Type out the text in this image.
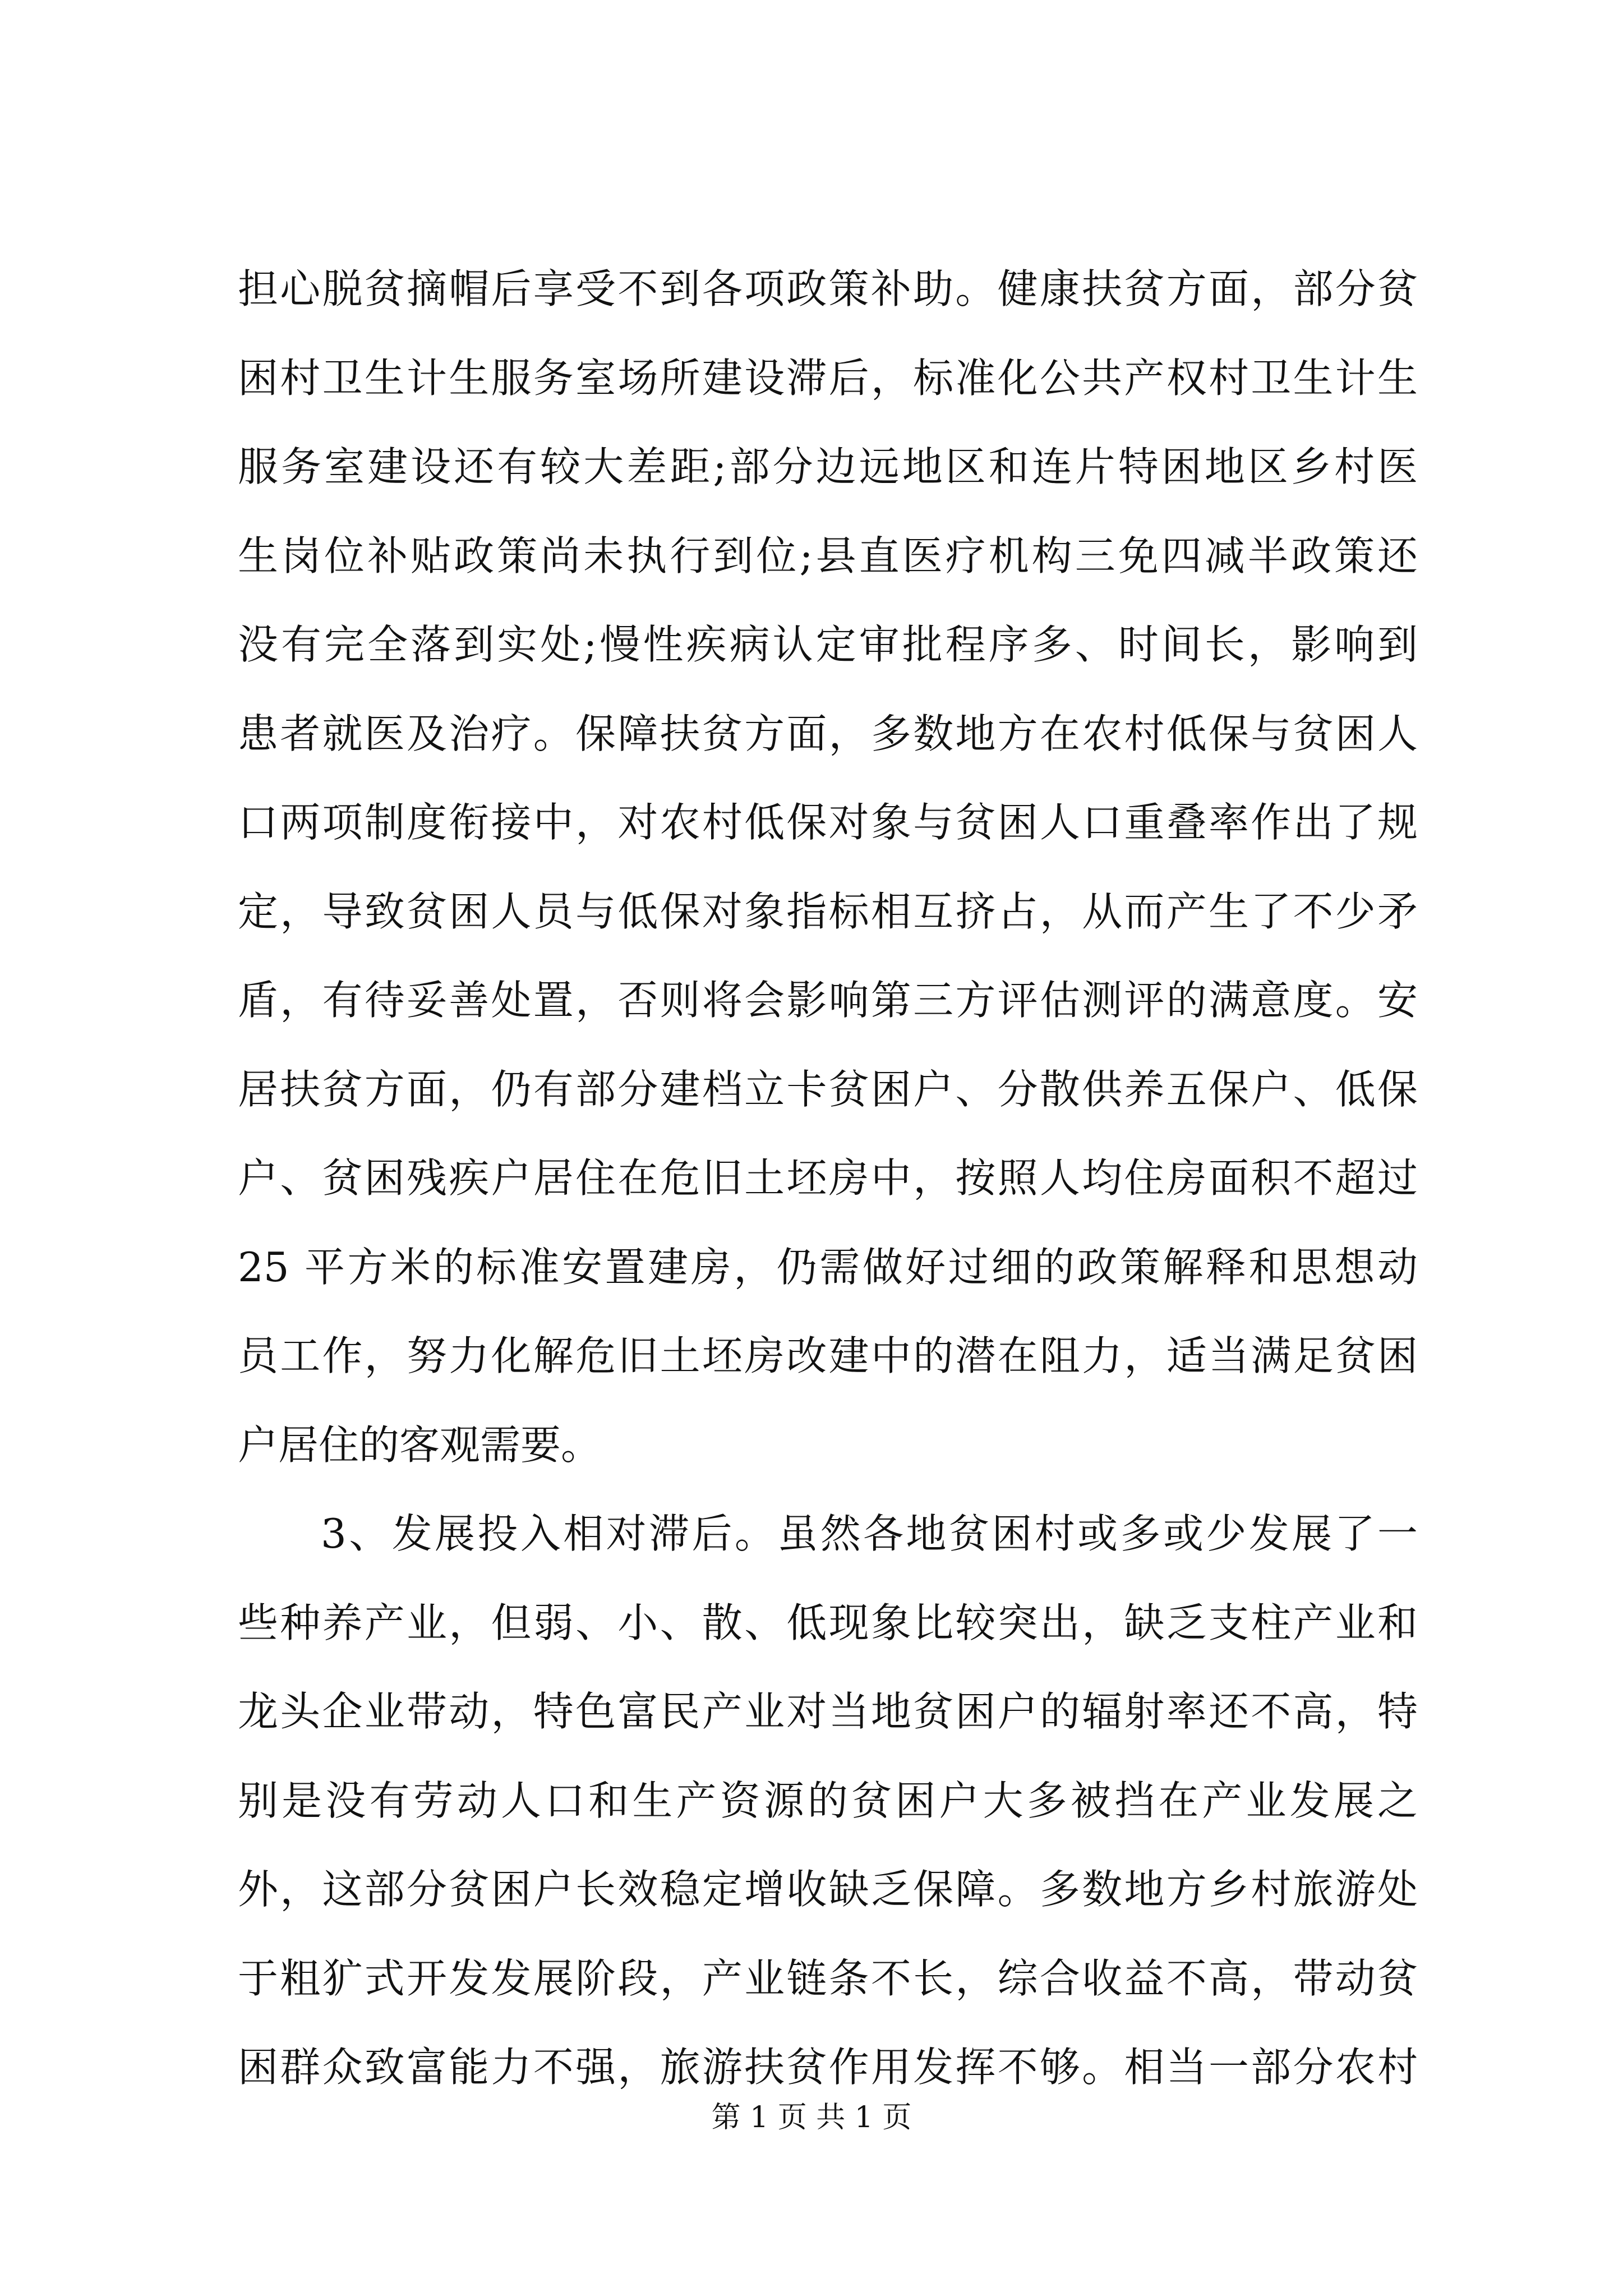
担心脱贫摘帽后享受不到各项政策补助。健康扶贫方面，部分贫
困村卫生计生服务室场所建设滞后，标准化公共产权村卫生计生
服务室建设还有较大差距;部分边远地区和连片特困地区乡村医
生岗位补贴政策尚未执行到位;县直医疗机构三免四减半政策还
没有完全落到实处;慢性疾病认定审批程序多、时间长，影响到
患者就医及治疗。保障扶贫方面，多数地方在农村低保与贫困人
口两项制度衔接中，对农村低保对象与贫困人口重叠率作出了规
定，导致贫困人员与低保对象指标相互挤占，从而产生了不少矛
盾，有待妥善处置，否则将会影响第三方评估测评的满意度。安
居扶贫方面，仍有部分建档立卡贫困户、分散供养五保户、低保
户、贫困残疾户居住在危旧土坯房中，按照人均住房面积不超过
25 平方米的标准安置建房，仍需做好过细的政策解释和思想动
员工作，努力化解危旧土坯房改建中的潜在阻力，适当满足贫困
户居住的客观需要。
3、发展投入相对滞后。虽然各地贫困村或多或少发展了一
些种养产业，但弱、小、散、低现象比较突出，缺乏支柱产业和
龙头企业带动，特色富民产业对当地贫困户的辐射率还不高，特
别是没有劳动人口和生产资源的贫困户大多被挡在产业发展之
外，这部分贫困户长效稳定增收缺乏保障。多数地方乡村旅游处
于粗犷式开发发展阶段，产业链条不长，综合收益不高，带动贫
困群众致富能力不强，旅游扶贫作用发挥不够。相当一部分农村
第 1 页 共 1 页
